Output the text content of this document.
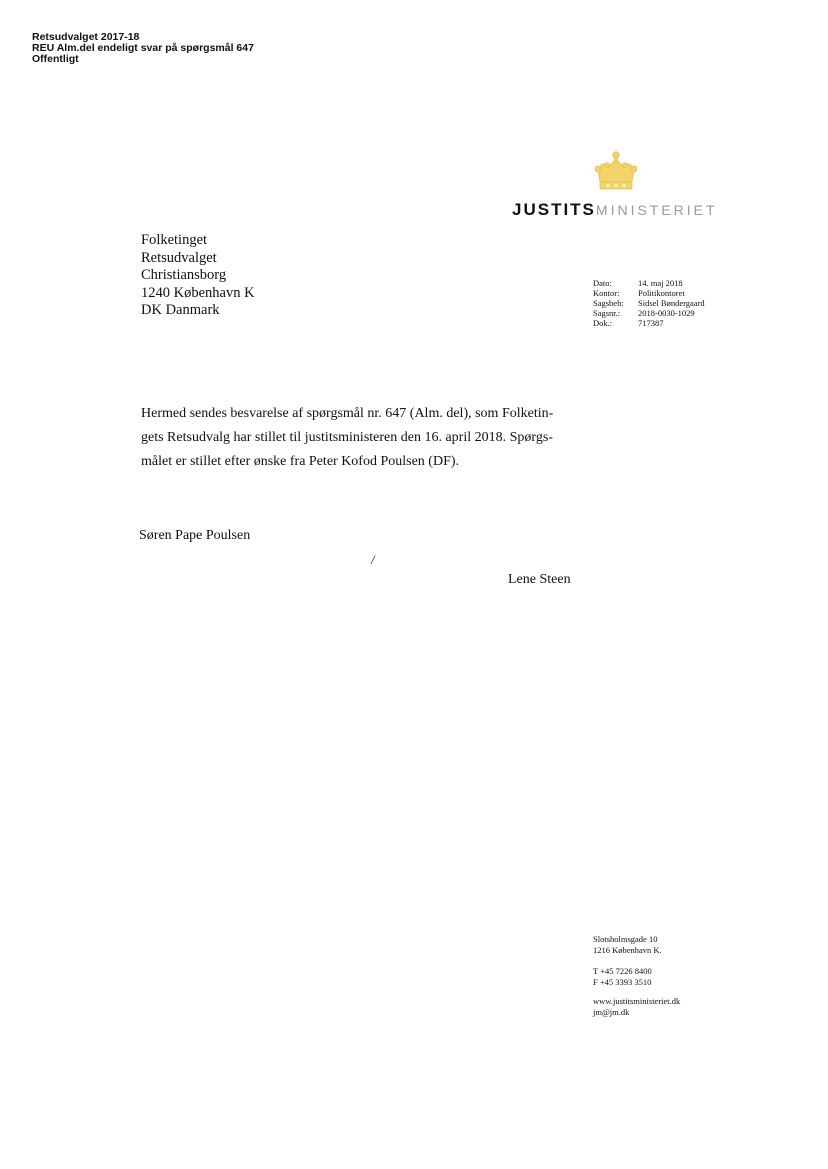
Retsudvalget 2017-18
REU Alm.del endeligt svar på spørgsmål 647
Offentligt
JUSTITSMINISTERIET
Folketinget
Retsudvalget
Christiansborg
1240 København K
DK Danmark
Dato:	14. maj 2018
Kontor:	Politikontoret
Sagsbeh:	Sidsel Bøndergaard
Sagsnr.:	2018-0030-1029
Dok.:	717387
Hermed sendes besvarelse af spørgsmål nr. 647 (Alm. del), som Folketin-
gets Retsudvalg har stillet til justitsministeren den 16. april 2018. Spørgs-
målet er stillet efter ønske fra Peter Kofod Poulsen (DF).
Søren Pape Poulsen
/
Lene Steen
Slotsholmsgade 10
1216 København K.
T +45 7226 8400
F +45 3393 3510
www.justitsministeriet.dk
jm@jm.dk
